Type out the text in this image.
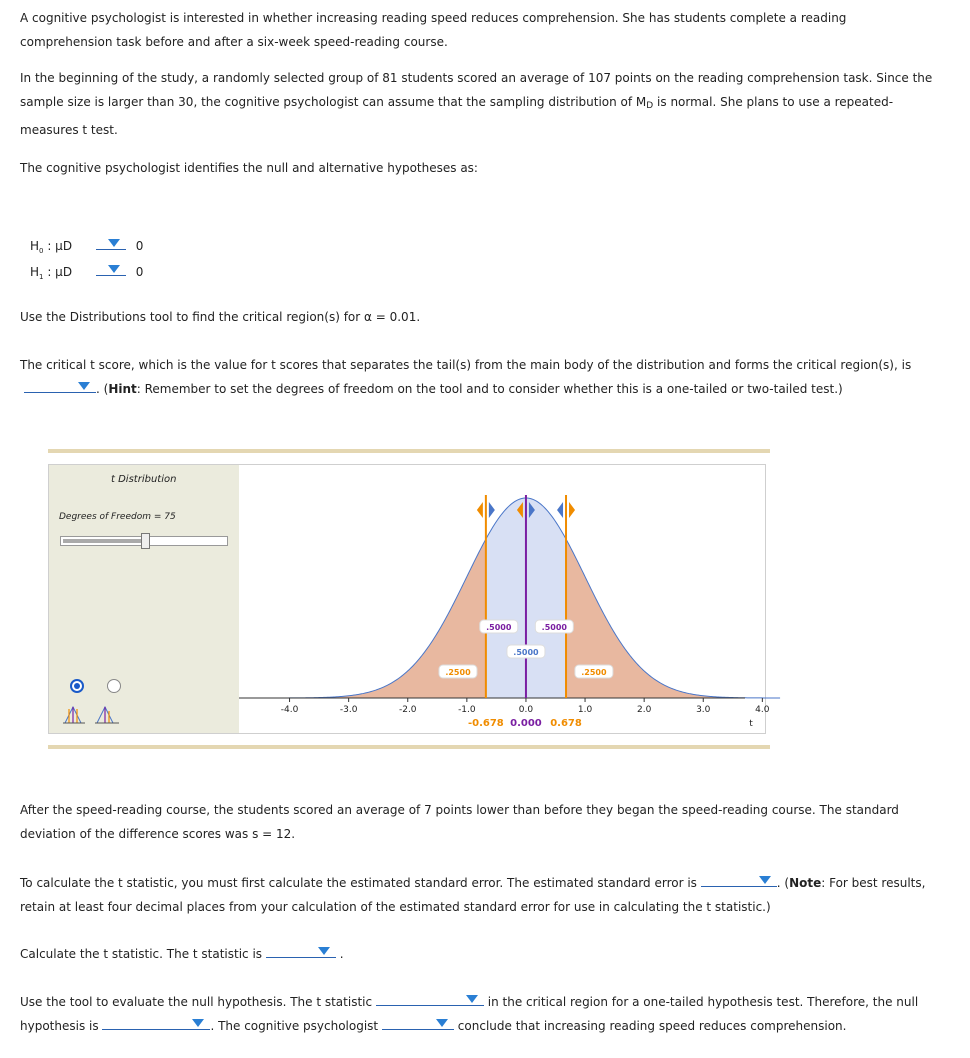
A cognitive psychologist is interested in whether increasing reading speed reduces comprehension. She has students complete a reading comprehension task before and after a six-week speed-reading course.

In the beginning of the study, a randomly selected group of 81 students scored an average of 107 points on the reading comprehension task. Since the sample size is larger than 30, the cognitive psychologist can assume that the sampling distribution of MD is normal. She plans to use a repeated-measures t test.

The cognitive psychologist identifies the null and alternative hypotheses as:

$H_0$ : μD	0
$H_1$ : μD	0

Use the Distributions tool to find the critical region(s) for α = 0.01.

The critical t score, which is the value for t scores that separates the tail(s) from the main body of the distribution and forms the critical region(s), is

. (Hint: Remember to set the degrees of freedom on the tool and to consider whether this is a one-tailed or two-tailed test.)

t Distribution
Degrees of Freedom = 75
-4.0	-3.0	-2.0	-1.0	0.0	1.0	2.0	3.0	4.0
t
-0.678 0.000 0.678
.2500
.5000	.5000
.5000
.2500

After the speed-reading course, the students scored an average of 7 points lower than before they began the speed-reading course. The standard deviation of the difference scores was s = 12.

To calculate the t statistic, you must first calculate the estimated standard error. The estimated standard error is	. (Note: For best results, retain at least four decimal places from your calculation of the estimated standard error for use in calculating the t statistic.)

Calculate the t statistic. The t statistic is	.

Use the tool to evaluate the null hypothesis. The t statistic	in the critical region for a one-tailed hypothesis test. Therefore, the null hypothesis is	. The cognitive psychologist	conclude that increasing reading speed reduces comprehension.
